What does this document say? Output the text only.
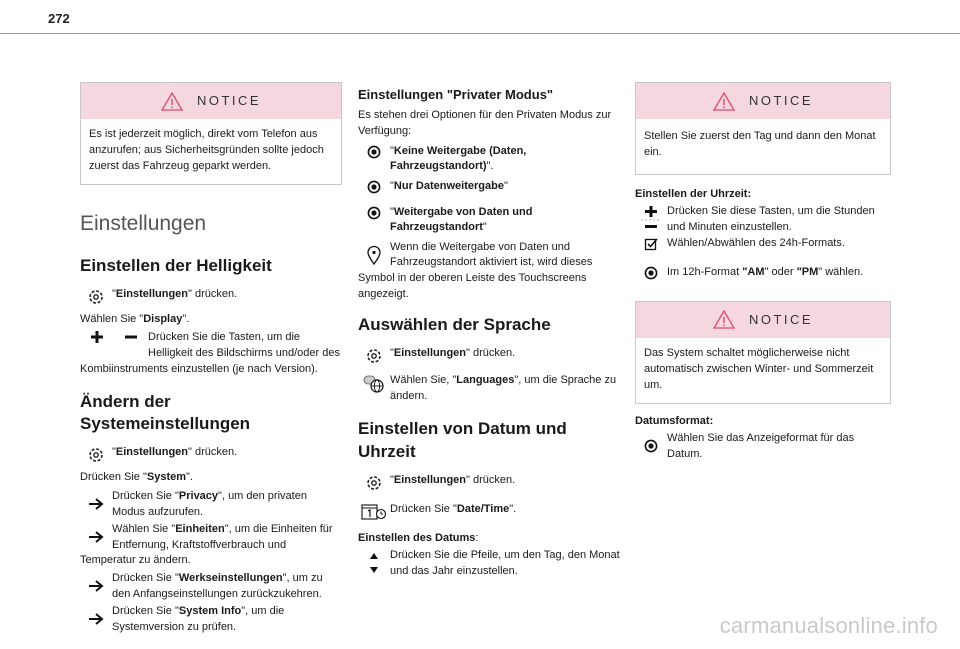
272
NOTICE
Es ist jederzeit möglich, direkt vom Telefon aus anzurufen; aus Sicherheitsgründen sollte jedoch zuerst das Fahrzeug geparkt werden.
Einstellungen
Einstellen der Helligkeit
"Einstellungen" drücken.
Wählen Sie "Display".
Drücken Sie die Tasten, um die Helligkeit des Bildschirms und/oder des Kombiinstruments einzustellen (je nach Version).
Ändern der Systemeinstellungen
"Einstellungen" drücken.
Drücken Sie "System".
Drücken Sie "Privacy", um den privaten Modus aufzurufen.
Wählen Sie "Einheiten", um die Einheiten für Entfernung, Kraftstoffverbrauch und Temperatur zu ändern.
Drücken Sie "Werkseinstellungen", um zu den Anfangseinstellungen zurückzukehren.
Drücken Sie "System Info", um die Systemversion zu prüfen.
Einstellungen "Privater Modus"
Es stehen drei Optionen für den Privaten Modus zur Verfügung:
"Keine Weitergabe (Daten, Fahrzeugstandort)".
"Nur Datenweitergabe"
"Weitergabe von Daten und Fahrzeugstandort"
Wenn die Weitergabe von Daten und Fahrzeugstandort aktiviert ist, wird dieses Symbol in der oberen Leiste des Touchscreens angezeigt.
Auswählen der Sprache
"Einstellungen" drücken.
Wählen Sie, "Languages", um die Sprache zu ändern.
Einstellen von Datum und Uhrzeit
"Einstellungen" drücken.
Drücken Sie "Date/Time".
Einstellen des Datums:
Drücken Sie die Pfeile, um den Tag, den Monat und das Jahr einzustellen.
NOTICE
Stellen Sie zuerst den Tag und dann den Monat ein.
Einstellen der Uhrzeit:
Drücken Sie diese Tasten, um die Stunden und Minuten einzustellen.
Wählen/Abwählen des 24h-Formats.
Im 12h-Format "AM" oder "PM" wählen.
NOTICE
Das System schaltet möglicherweise nicht automatisch zwischen Winter- und Sommerzeit um.
Datumsformat:
Wählen Sie das Anzeigeformat für das Datum.
carmanualsonline.info
